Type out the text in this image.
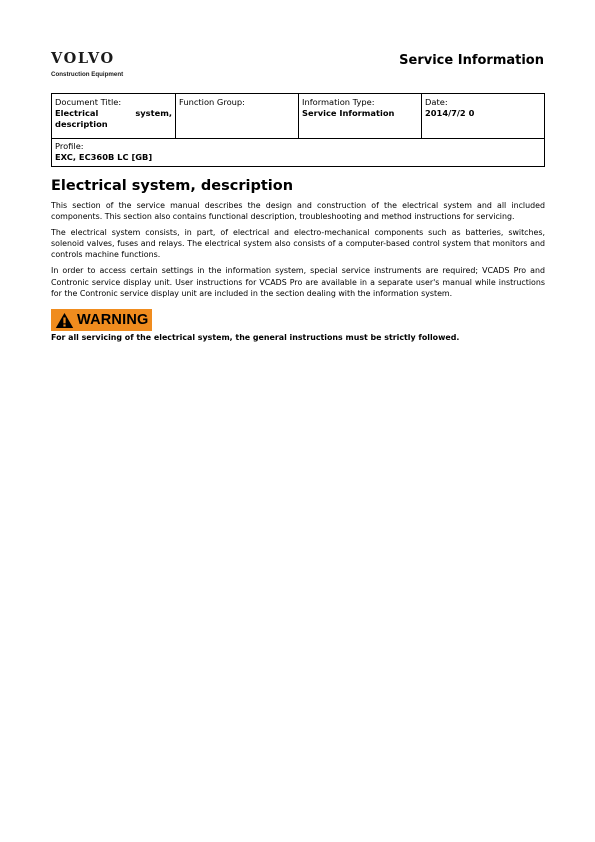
VOLVO
Construction Equipment
Service Information
Document Title:
Electrical system,
description
Function Group:	Information Type:
Service Information
Date:
2014/7/2 0
Profile:
EXC, EC360B LC [GB]
Electrical system, description

This section of the service manual describes the design and construction of the electrical system and all included components. This section also contains functional description, troubleshooting and method instructions for servicing.

The electrical system consists, in part, of electrical and electro-mechanical components such as batteries, switches, solenoid valves, fuses and relays. The electrical system also consists of a computer-based control system that monitors and controls machine functions.

In order to access certain settings in the information system, special service instruments are required; VCADS Pro and Contronic service display unit. User instructions for VCADS Pro are available in a separate user's manual while instructions for the Contronic service display unit are included in the section dealing with the information system.

WARNING
For all servicing of the electrical system, the general instructions must be strictly followed.
